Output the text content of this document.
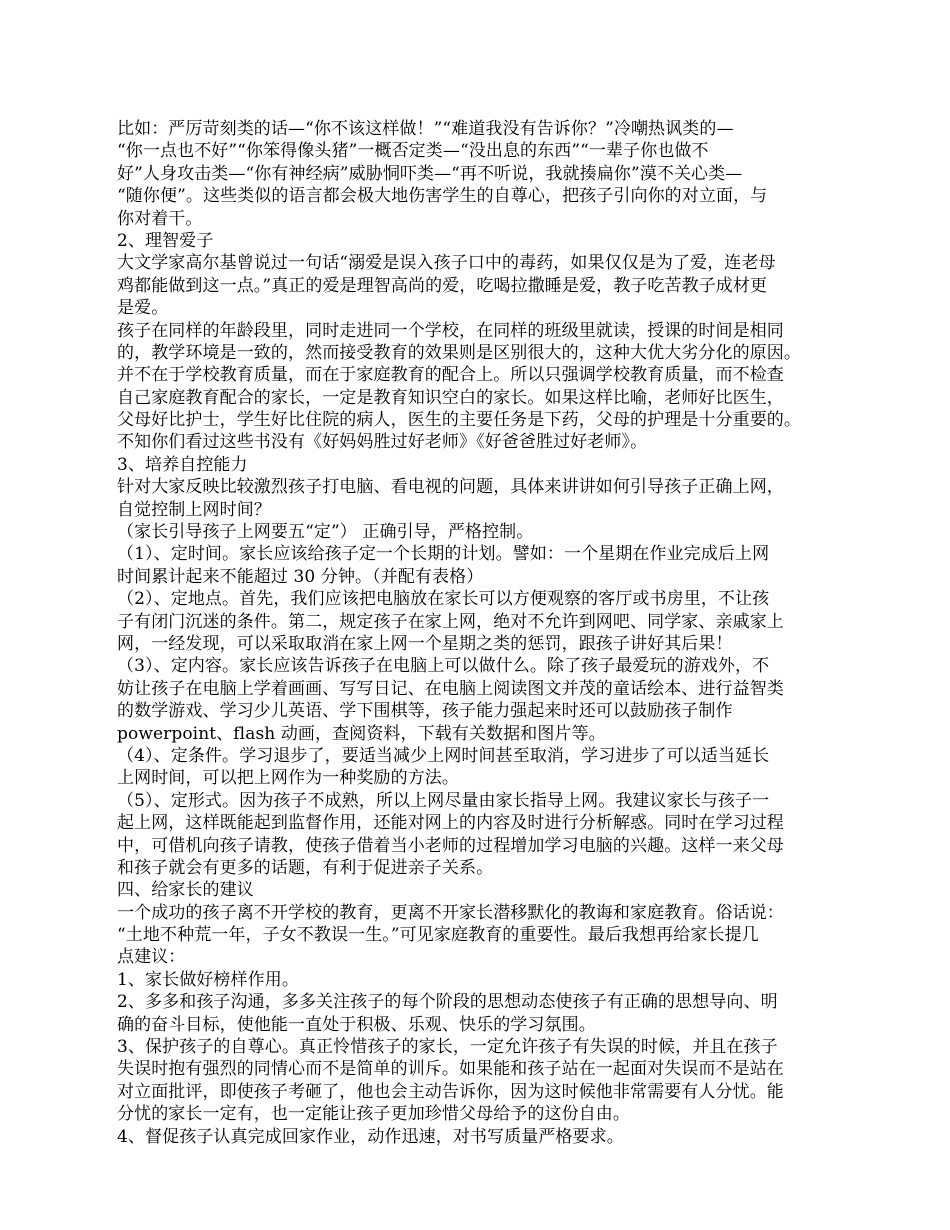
比如：严厉苛刻类的话—“你不该这样做！”“难道我没有告诉你？”冷嘲热讽类的—
“你一点也不好”“你笨得像头猪”一概否定类—“没出息的东西”“一辈子你也做不
好”人身攻击类—“你有神经病”威胁恫吓类—“再不听说，我就揍扁你”漠不关心类—
“随你便”。这些类似的语言都会极大地伤害学生的自尊心，把孩子引向你的对立面，与
你对着干。
2、理智爱子
大文学家高尔基曾说过一句话“溺爱是误入孩子口中的毒药，如果仅仅是为了爱，连老母
鸡都能做到这一点。”真正的爱是理智高尚的爱，吃喝拉撒睡是爱，教子吃苦教子成材更
是爱。
孩子在同样的年龄段里，同时走进同一个学校，在同样的班级里就读，授课的时间是相同
的，教学环境是一致的，然而接受教育的效果则是区别很大的，这种大优大劣分化的原因。
并不在于学校教育质量，而在于家庭教育的配合上。所以只强调学校教育质量，而不检查
自己家庭教育配合的家长，一定是教育知识空白的家长。如果这样比喻，老师好比医生，
父母好比护士，学生好比住院的病人，医生的主要任务是下药，父母的护理是十分重要的。
不知你们看过这些书没有《好妈妈胜过好老师》《好爸爸胜过好老师》。
3、培养自控能力
针对大家反映比较激烈孩子打电脑、看电视的问题，具体来讲讲如何引导孩子正确上网，
自觉控制上网时间？
（家长引导孩子上网要五“定”） 正确引导，严格控制。
（1）、定时间。家长应该给孩子定一个长期的计划。譬如：一个星期在作业完成后上网
时间累计起来不能超过 30 分钟。（并配有表格）
（2）、定地点。首先，我们应该把电脑放在家长可以方便观察的客厅或书房里，不让孩
子有闭门沉迷的条件。第二，规定孩子在家上网，绝对不允许到网吧、同学家、亲戚家上
网，一经发现，可以采取取消在家上网一个星期之类的惩罚，跟孩子讲好其后果！
（3）、定内容。家长应该告诉孩子在电脑上可以做什么。除了孩子最爱玩的游戏外，不
妨让孩子在电脑上学着画画、写写日记、在电脑上阅读图文并茂的童话绘本、进行益智类
的数学游戏、学习少儿英语、学下围棋等，孩子能力强起来时还可以鼓励孩子制作
powerpoint、flash 动画，查阅资料，下载有关数据和图片等。
（4）、定条件。学习退步了，要适当减少上网时间甚至取消，学习进步了可以适当延长
上网时间，可以把上网作为一种奖励的方法。
（5）、定形式。因为孩子不成熟，所以上网尽量由家长指导上网。我建议家长与孩子一
起上网，这样既能起到监督作用，还能对网上的内容及时进行分析解惑。同时在学习过程
中，可借机向孩子请教，使孩子借着当小老师的过程增加学习电脑的兴趣。这样一来父母
和孩子就会有更多的话题，有利于促进亲子关系。
四、给家长的建议
一个成功的孩子离不开学校的教育，更离不开家长潜移默化的教诲和家庭教育。俗话说：
“土地不种荒一年，子女不教误一生。”可见家庭教育的重要性。最后我想再给家长提几
点建议：
1、家长做好榜样作用。
2、多多和孩子沟通，多多关注孩子的每个阶段的思想动态使孩子有正确的思想导向、明
确的奋斗目标，使他能一直处于积极、乐观、快乐的学习氛围。
3、保护孩子的自尊心。真正怜惜孩子的家长，一定允许孩子有失误的时候，并且在孩子
失误时抱有强烈的同情心而不是简单的训斥。如果能和孩子站在一起面对失误而不是站在
对立面批评，即使孩子考砸了，他也会主动告诉你，因为这时候他非常需要有人分忧。能
分忧的家长一定有，也一定能让孩子更加珍惜父母给予的这份自由。
4、督促孩子认真完成回家作业，动作迅速，对书写质量严格要求。
